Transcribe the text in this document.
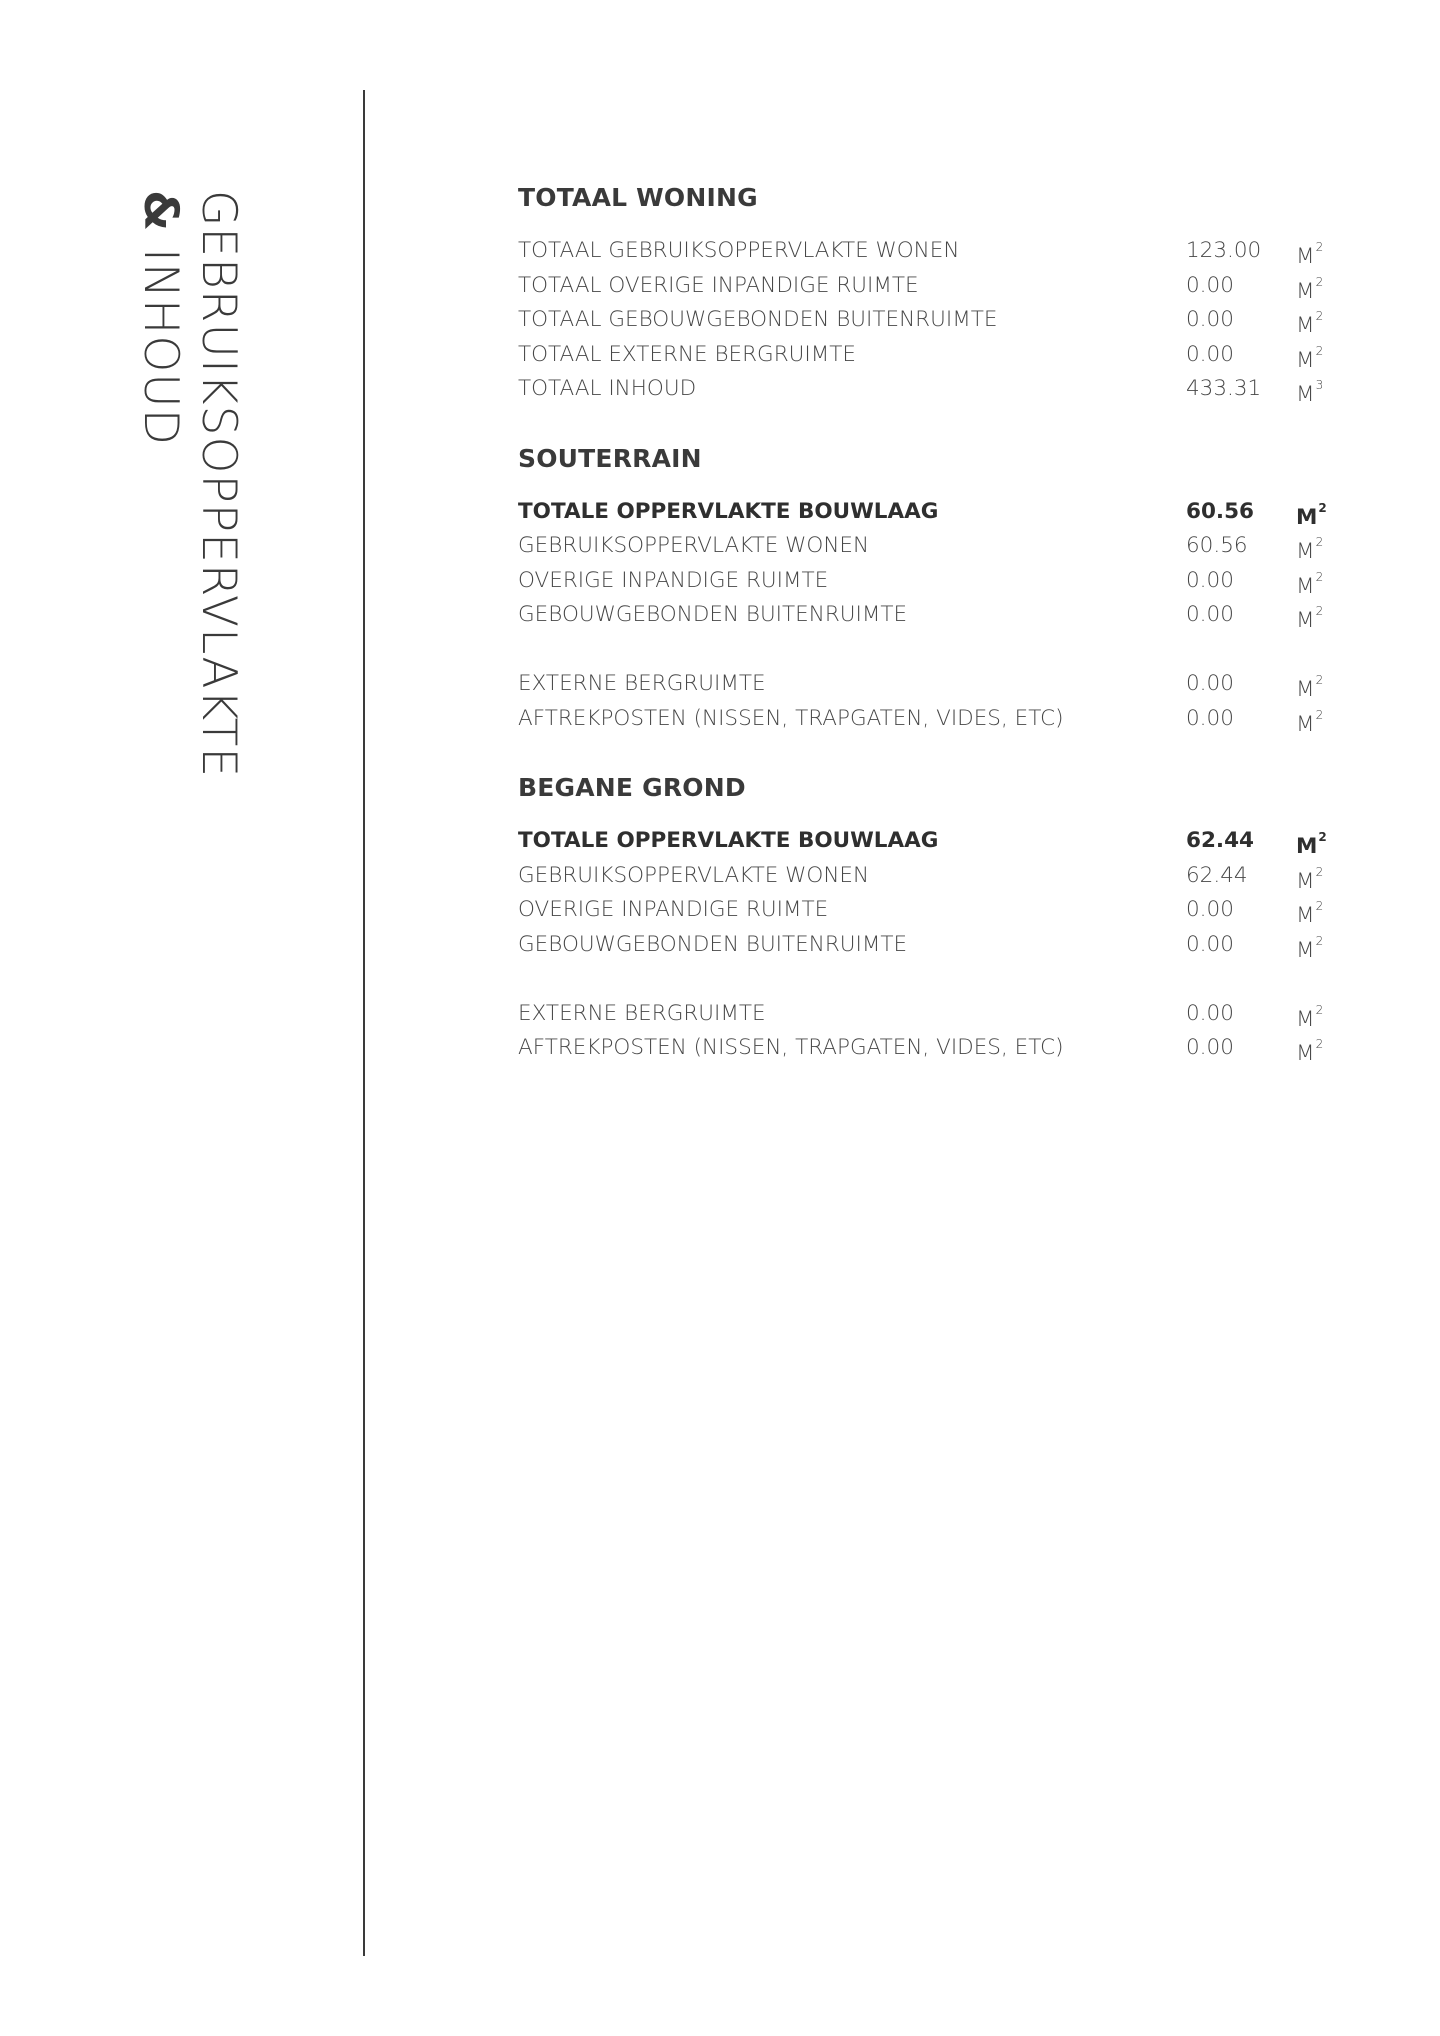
GEBRUIKSOPPERVLAKTE
& INHOUD
TOTAAL WONING
TOTAAL GEBRUIKSOPPERVLAKTE WONEN	123.00 $M^2$
TOTAAL OVERIGE INPANDIGE RUIMTE	0.00	$M^2$
TOTAAL GEBOUWGEBONDEN BUITENRUIMTE	0.00	$M^2$
TOTAAL EXTERNE BERGRUIMTE	0.00	$M^2$
TOTAAL INHOUD	433.31 $M^3$
SOUTERRAIN
TOTALE OPPERVLAKTE BOUWLAAG	60.56 $M^2$
GEBRUIKSOPPERVLAKTE WONEN	60.56 $M^2$
OVERIGE INPANDIGE RUIMTE	0.00	$M^2$
GEBOUWGEBONDEN BUITENRUIMTE	0.00	$M^2$
EXTERNE BERGRUIMTE	0.00	$M^2$
AFTREKPOSTEN (NISSEN, TRAPGATEN, VIDES, ETC)	0.00	$M^2$
BEGANE GROND
TOTALE OPPERVLAKTE BOUWLAAG	62.44 $M^2$
GEBRUIKSOPPERVLAKTE WONEN	62.44 $M^2$
OVERIGE INPANDIGE RUIMTE	0.00	$M^2$
GEBOUWGEBONDEN BUITENRUIMTE	0.00	$M^2$
EXTERNE BERGRUIMTE	0.00	$M^2$
AFTREKPOSTEN (NISSEN, TRAPGATEN, VIDES, ETC)	0.00	$M^2$
